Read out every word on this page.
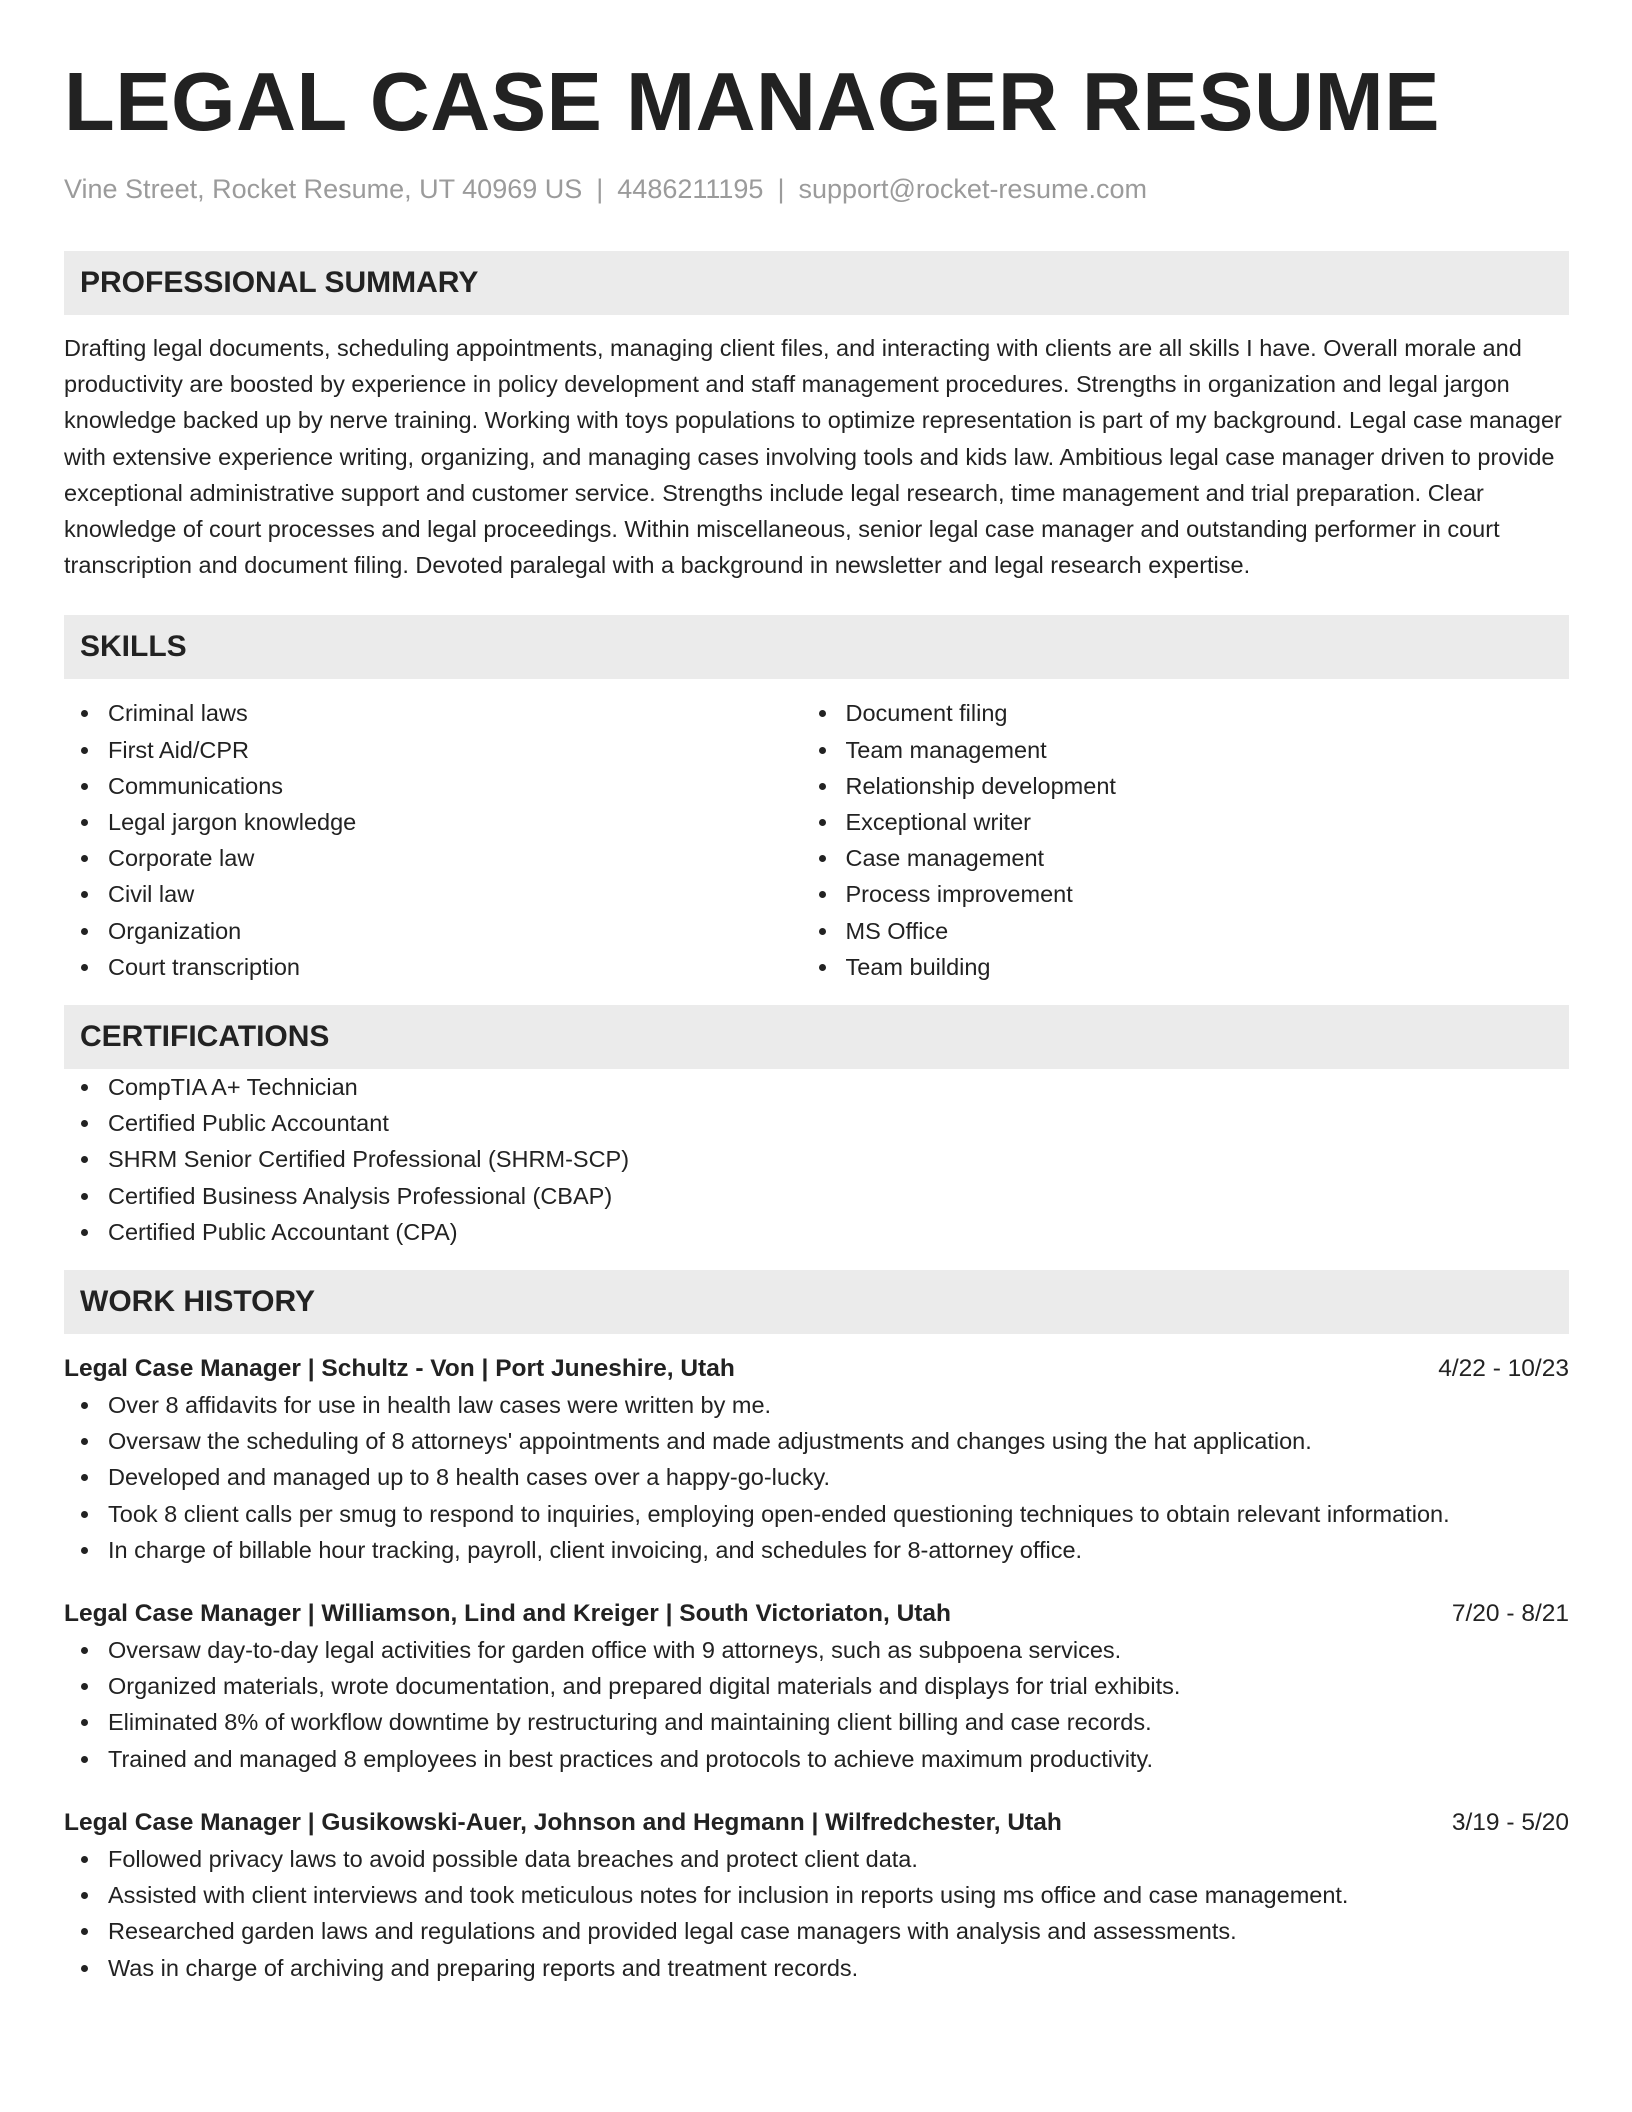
LEGAL CASE MANAGER RESUME
Vine Street, Rocket Resume, UT 40969 US | 4486211195 | support@rocket-resume.com
PROFESSIONAL SUMMARY

Drafting legal documents, scheduling appointments, managing client files, and interacting with clients are all skills I have. Overall morale and productivity are boosted by experience in policy development and staff management procedures. Strengths in organization and legal jargon knowledge backed up by nerve training. Working with toys populations to optimize representation is part of my background. Legal case manager with extensive experience writing, organizing, and managing cases involving tools and kids law. Ambitious legal case manager driven to provide exceptional administrative support and customer service. Strengths include legal research, time management and trial preparation. Clear knowledge of court processes and legal proceedings. Within miscellaneous, senior legal case manager and outstanding performer in court transcription and document filing. Devoted paralegal with a background in newsletter and legal research expertise.

SKILLS
Criminal laws
First Aid/CPR
Communications
Legal jargon knowledge
Corporate law
Civil law
Organization
Court transcription
Document filing
Team management
Relationship development
Exceptional writer
Case management
Process improvement
MS Office
Team building
CERTIFICATIONS
CompTIA A+ Technician
Certified Public Accountant
SHRM Senior Certified Professional (SHRM-SCP)
Certified Business Analysis Professional (CBAP)
Certified Public Accountant (CPA)
WORK HISTORY
Legal Case Manager | Schultz - Von | Port Juneshire, Utah	4/22 - 10/23
Over 8 affidavits for use in health law cases were written by me.
Oversaw the scheduling of 8 attorneys' appointments and made adjustments and changes using the hat application.
Developed and managed up to 8 health cases over a happy-go-lucky.
Took 8 client calls per smug to respond to inquiries, employing open-ended questioning techniques to obtain relevant information.
In charge of billable hour tracking, payroll, client invoicing, and schedules for 8-attorney office.
Legal Case Manager | Williamson, Lind and Kreiger | South Victoriaton, Utah	7/20 - 8/21
Oversaw day-to-day legal activities for garden office with 9 attorneys, such as subpoena services.
Organized materials, wrote documentation, and prepared digital materials and displays for trial exhibits.
Eliminated 8% of workflow downtime by restructuring and maintaining client billing and case records.
Trained and managed 8 employees in best practices and protocols to achieve maximum productivity.
Legal Case Manager | Gusikowski-Auer, Johnson and Hegmann | Wilfredchester, Utah	3/19 - 5/20
Followed privacy laws to avoid possible data breaches and protect client data.
Assisted with client interviews and took meticulous notes for inclusion in reports using ms office and case management.
Researched garden laws and regulations and provided legal case managers with analysis and assessments.
Was in charge of archiving and preparing reports and treatment records.
